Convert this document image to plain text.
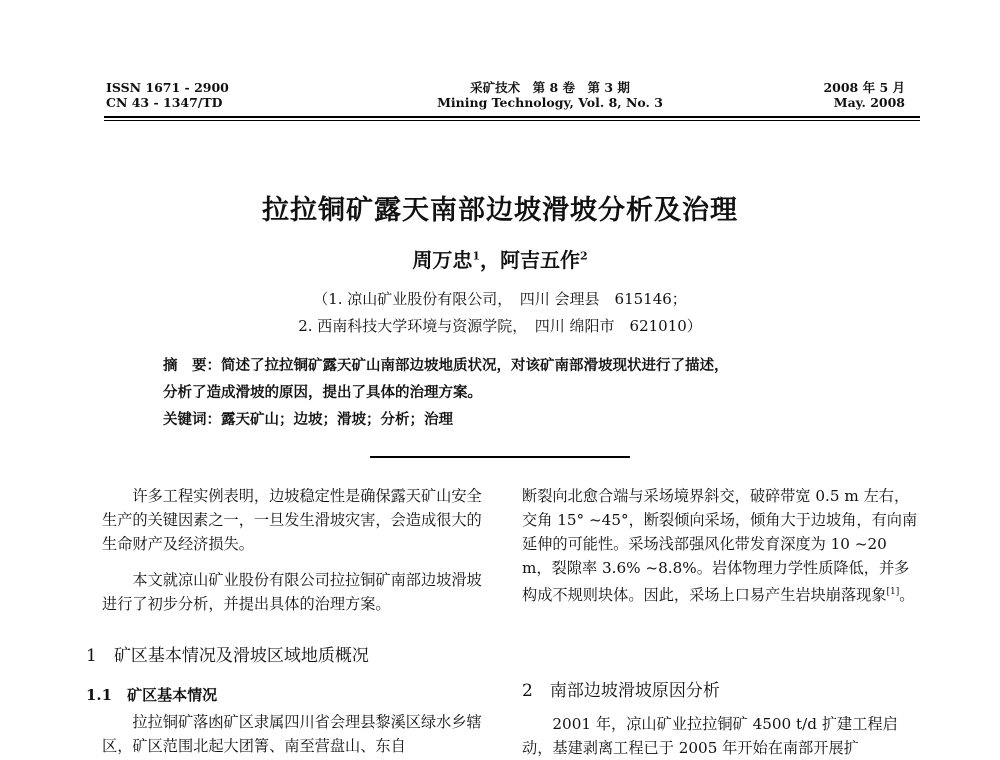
ISSN 1671 - 2900
CN 43 - 1347/TD
采矿技术　第 8 卷　第 3 期
Mining Technology, Vol. 8, No. 3
2008 年 5 月
May. 2008
拉拉铜矿露天南部边坡滑坡分析及治理
周万忠$^1$，阿吉五作$^2$
（1. 凉山矿业股份有限公司，　四川 会理县　615146；
2. 西南科技大学环境与资源学院，　四川 绵阳市　621010）
摘　要：简述了拉拉铜矿露天矿山南部边坡地质状况，对该矿南部滑坡现状进行了描述，
分析了造成滑坡的原因，提出了具体的治理方案。
关键词：露天矿山；边坡；滑坡；分析；治理
许多工程实例表明，边坡稳定性是确保露天矿山安全生产的关键因素之一，一旦发生滑坡灾害，会造成很大的生命财产及经济损失。
本文就凉山矿业股份有限公司拉拉铜矿南部边坡滑坡进行了初步分析，并提出具体的治理方案。
1　矿区基本情况及滑坡区域地质概况
1.1　矿区基本情况
拉拉铜矿落凼矿区隶属四川省会理县黎溪区绿水乡辖区，矿区范围北起大团箐、南至营盘山、东自
断裂向北愈合端与采场境界斜交，破碎带宽 0.5 m 左右，交角 15° ~45°，断裂倾向采场，倾角大于边坡角，有向南延伸的可能性。采场浅部强风化带发育深度为 10 ~20 m，裂隙率 3.6% ~8.8%。岩体物理力学性质降低，并多构成不规则块体。因此，采场上口易产生岩块崩落现象[1]。
2　南部边坡滑坡原因分析
2001 年，凉山矿业拉拉铜矿 4500 t/d 扩建工程启动，基建剥离工程已于 2005 年开始在南部开展扩
